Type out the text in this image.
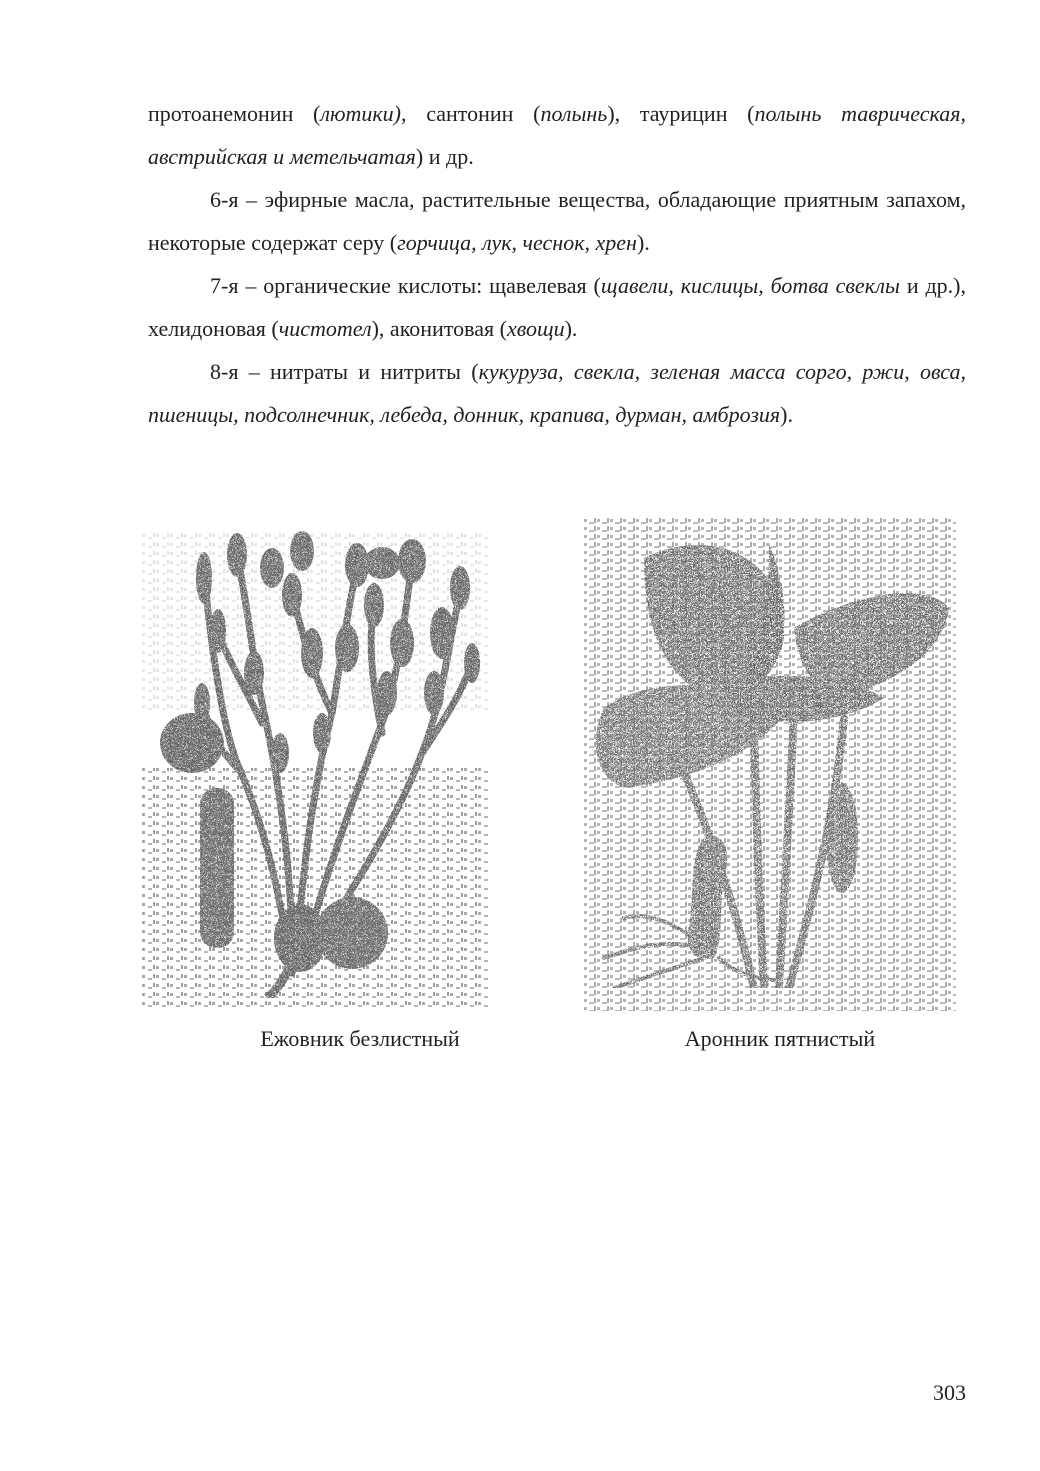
протоанемонин (лютики), сантонин (полынь), таурицин (полынь таврическая, австрийская и метельчатая) и др.

6-я – эфирные масла, растительные вещества, обладающие приятным запахом, некоторые содержат серу (горчица, лук, чеснок, хрен).

7-я – органические кислоты: щавелевая (щавели, кислицы, ботва свеклы и др.), хелидоновая (чистотел), аконитовая (хвощи).

8-я – нитраты и нитриты (кукуруза, свекла, зеленая масса сорго, ржи, овса, пшеницы, подсолнечник, лебеда, донник, крапива, дурман, амброзия).

Ежовник безлистный	Аронник пятнистый
303
